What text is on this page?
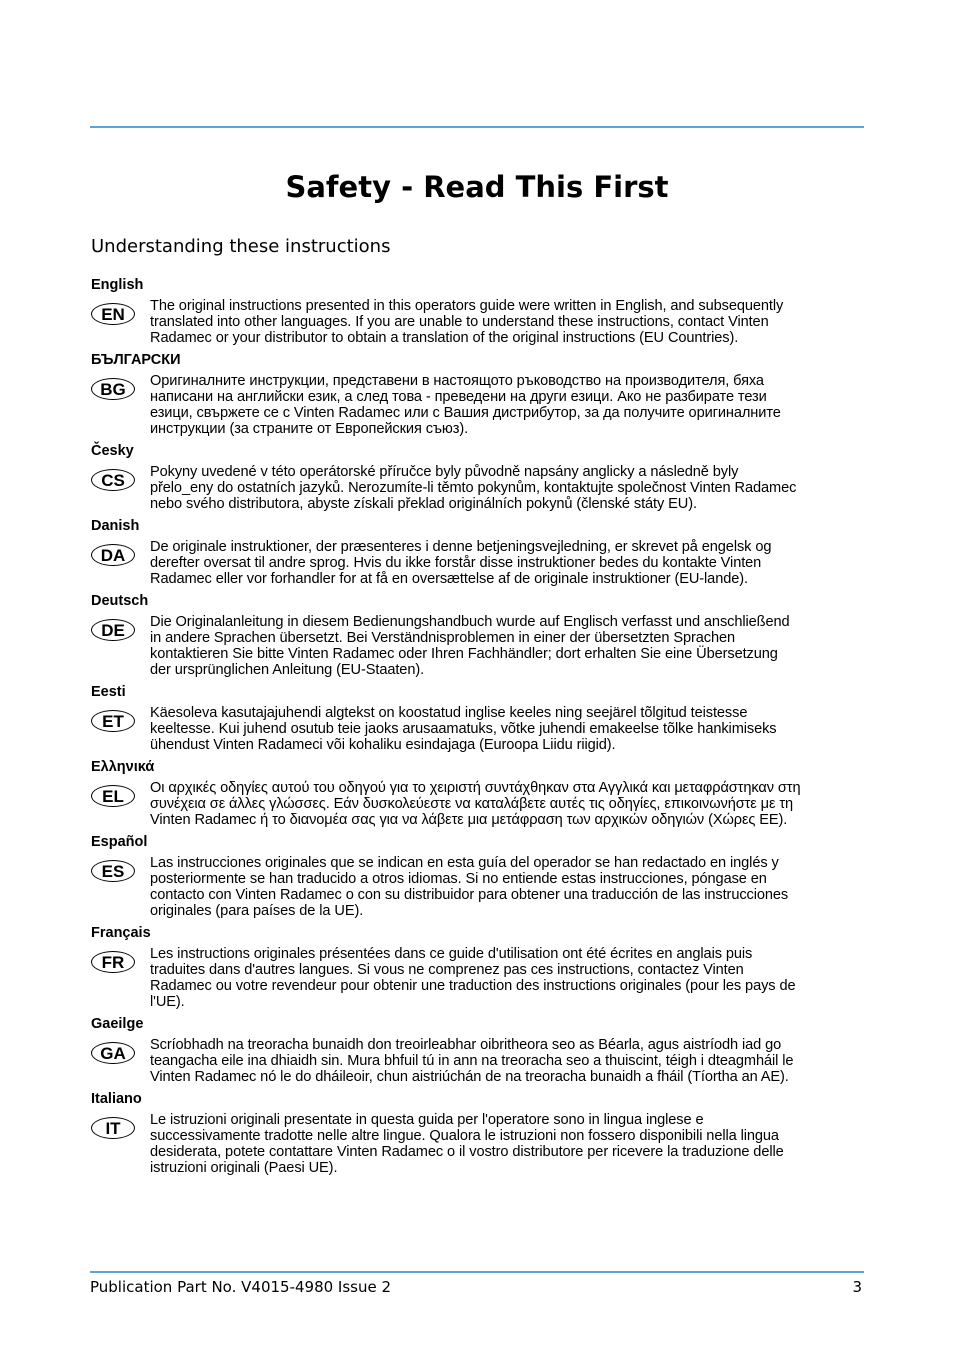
Safety - Read This First
Understanding these instructions
English
EN	The original instructions presented in this operators guide were written in English, and subsequently
translated into other languages. If you are unable to understand these instructions, contact Vinten
Radamec or your distributor to obtain a translation of the original instructions (EU Countries).
БЪЛГАРСКИ
BG	Оригиналните инструкции, представени в настоящото ръководство на производителя, бяха
написани на английски език, а след това - преведени на други езици. Ако не разбирате тези
езици, свържете се с Vinten Radamec или с Вашия дистрибутор, за да получите оригиналните
инструкции (за страните от Европейския съюз).
Česky
CS	Pokyny uvedené v této operátorské příručce byly původně napsány anglicky a následně byly
přelo_eny do ostatních jazyků. Nerozumíte-li těmto pokynům, kontaktujte společnost Vinten Radamec
nebo svého distributora, abyste získali překlad originálních pokynů (členské státy EU).
Danish
DA	De originale instruktioner, der præsenteres i denne betjeningsvejledning, er skrevet på engelsk og
derefter oversat til andre sprog. Hvis du ikke forstår disse instruktioner bedes du kontakte Vinten
Radamec eller vor forhandler for at få en oversættelse af de originale instruktioner (EU-lande).
Deutsch
DE	Die Originalanleitung in diesem Bedienungshandbuch wurde auf Englisch verfasst und anschließend
in andere Sprachen übersetzt. Bei Verständnisproblemen in einer der übersetzten Sprachen
kontaktieren Sie bitte Vinten Radamec oder Ihren Fachhändler; dort erhalten Sie eine Übersetzung
der ursprünglichen Anleitung (EU-Staaten).
Eesti
ET	Käesoleva kasutajajuhendi algtekst on koostatud inglise keeles ning seejärel tõlgitud teistesse
keeltesse. Kui juhend osutub teie jaoks arusaamatuks, võtke juhendi emakeelse tõlke hankimiseks
ühendust Vinten Radameci või kohaliku esindajaga (Euroopa Liidu riigid).
Ελληνικά
EL	Οι αρχικές οδηγίες αυτού του οδηγού για το χειριστή συντάχθηκαν στα Αγγλικά και μεταφράστηκαν στη
συνέχεια σε άλλες γλώσσες. Εάν δυσκολεύεστε να καταλάβετε αυτές τις οδηγίες, επικοινωνήστε με τη
Vinten Radamec ή το διανομέα σας για να λάβετε μια μετάφραση των αρχικών οδηγιών (Χώρες ΕΕ).
Español
ES	Las instrucciones originales que se indican en esta guía del operador se han redactado en inglés y
posteriormente se han traducido a otros idiomas. Si no entiende estas instrucciones, póngase en
contacto con Vinten Radamec o con su distribuidor para obtener una traducción de las instrucciones
originales (para países de la UE).
Français
FR	Les instructions originales présentées dans ce guide d'utilisation ont été écrites en anglais puis
traduites dans d'autres langues. Si vous ne comprenez pas ces instructions, contactez Vinten
Radamec ou votre revendeur pour obtenir une traduction des instructions originales (pour les pays de
l'UE).
Gaeilge
GA	Scríobhadh na treoracha bunaidh don treoirleabhar oibritheora seo as Béarla, agus aistríodh iad go
teangacha eile ina dhiaidh sin. Mura bhfuil tú in ann na treoracha seo a thuiscint, téigh i dteagmháil le
Vinten Radamec nó le do dháileoir, chun aistriúchán de na treoracha bunaidh a fháil (Tíortha an AE).
Italiano
IT	Le istruzioni originali presentate in questa guida per l'operatore sono in lingua inglese e
successivamente tradotte nelle altre lingue. Qualora le istruzioni non fossero disponibili nella lingua
desiderata, potete contattare Vinten Radamec o il vostro distributore per ricevere la traduzione delle
istruzioni originali (Paesi UE).
Publication Part No. V4015-4980 Issue 2	3
